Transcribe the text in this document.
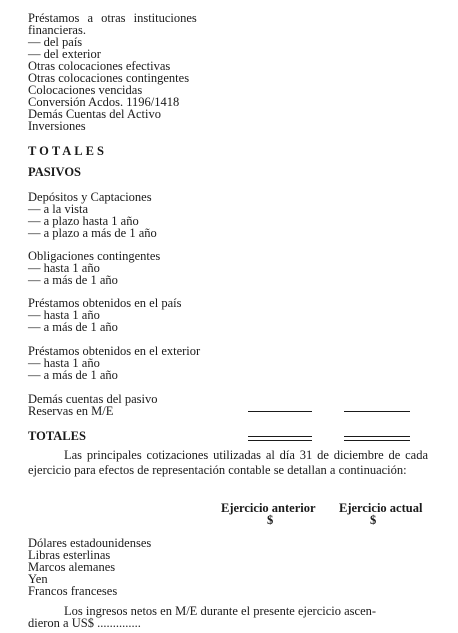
Préstamos a otras instituciones
financieras.
— del país
— del exterior
Otras colocaciones efectivas
Otras colocaciones contingentes
Colocaciones vencidas
Conversión Acdos. 1196/1418
Demás Cuentas del Activo
Inversiones
TOTALES
PASIVOS
Depósitos y Captaciones
— a la vista
— a plazo hasta 1 año
— a plazo a más de 1 año
Obligaciones contingentes
— hasta 1 año
— a más de 1 año
Préstamos obtenidos en el país
— hasta 1 año
— a más de 1 año
Préstamos obtenidos en el exterior
— hasta 1 año
— a más de 1 año
Demás cuentas del pasivo
Reservas en M/E
TOTALES
Las principales cotizaciones utilizadas al día 31 de diciembre de cada ejercicio para efectos de representación contable se detallan a continuación:
Ejercicio anterior Ejercicio actual
$	$
Dólares estadounidenses
Libras esterlinas
Marcos alemanes
Yen
Francos franceses
Los ingresos netos en M/E durante el presente ejercicio ascen-
dieron a US$ ..............
